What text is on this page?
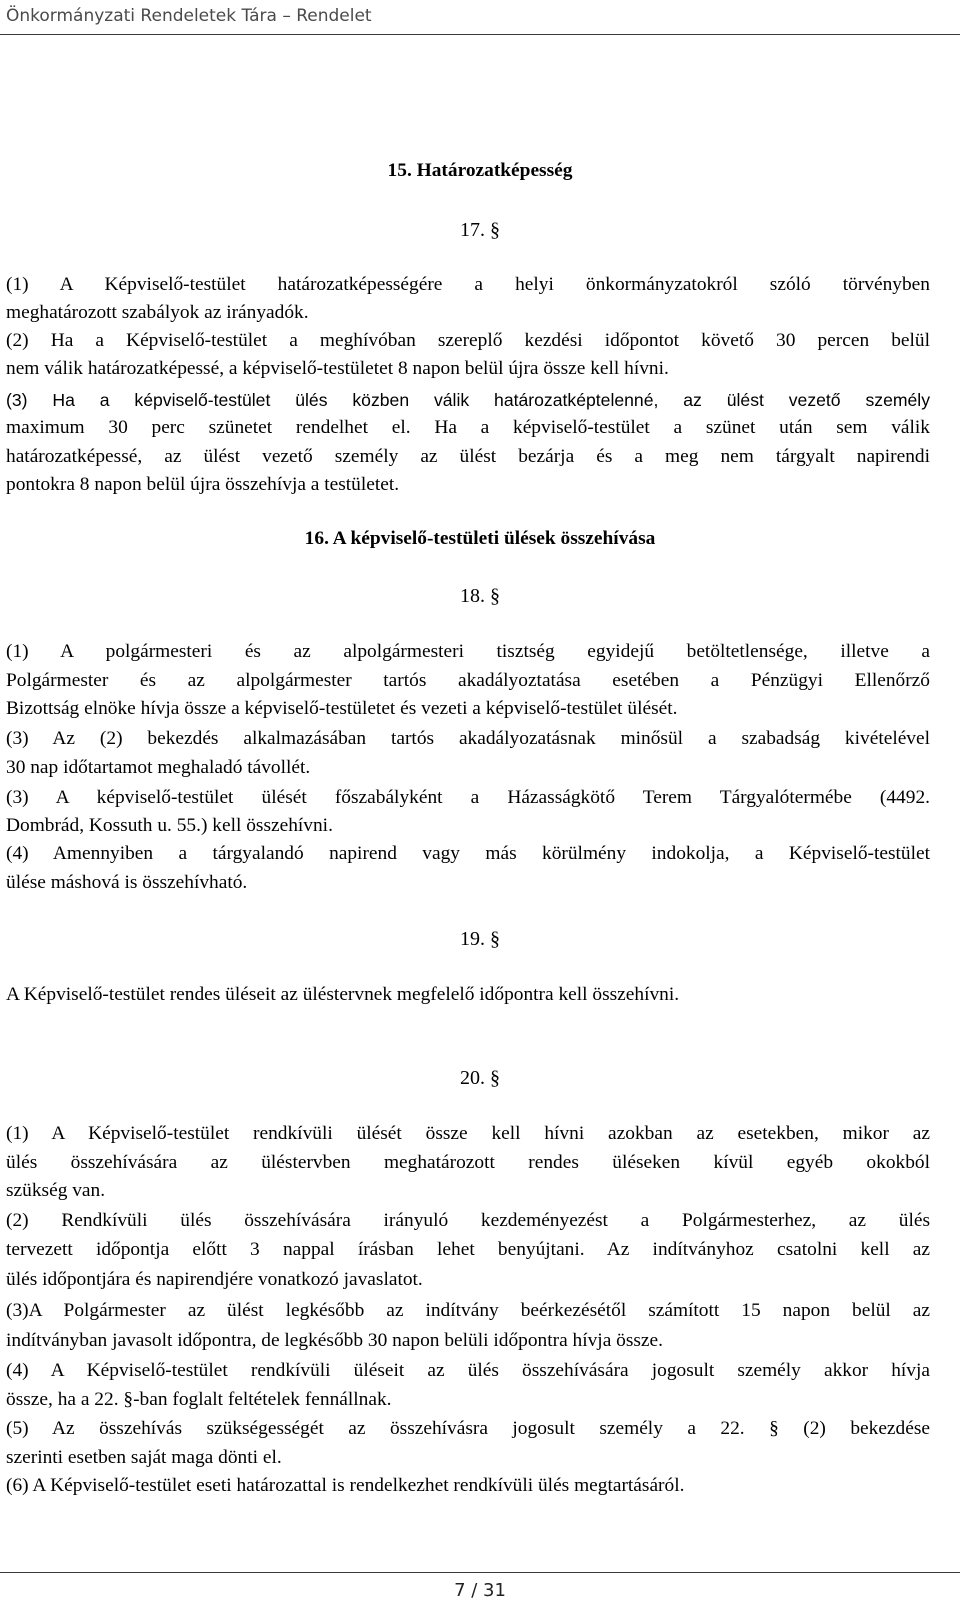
Önkormányzati Rendeletek Tára – Rendelet
15. Határozatképesség
17. §
(1) A Képviselő-testület határozatképességére a helyi önkormányzatokról szóló törvényben
meghatározott szabályok az irányadók.
(2) Ha a Képviselő-testület a meghívóban szereplő kezdési időpontot követő 30 percen belül
nem válik határozatképessé, a képviselő-testületet 8 napon belül újra össze kell hívni.
(3) Ha a képviselő-testület ülés közben válik határozatképtelenné, az ülést vezető személy
maximum 30 perc szünetet rendelhet el. Ha a képviselő-testület a szünet után sem válik
határozatképessé, az ülést vezető személy az ülést bezárja és a meg nem tárgyalt napirendi
pontokra 8 napon belül újra összehívja a testületet.
16. A képviselő-testületi ülések összehívása
18. §
(1) A polgármesteri és az alpolgármesteri tisztség egyidejű betöltetlensége, illetve a
Polgármester és az alpolgármester tartós akadályoztatása esetében a Pénzügyi Ellenőrző
Bizottság elnöke hívja össze a képviselő-testületet és vezeti a képviselő-testület ülését.
(3) Az (2) bekezdés alkalmazásában tartós akadályozatásnak minősül a szabadság kivételével
30 nap időtartamot meghaladó távollét.
(3) A képviselő-testület ülését főszabályként a Házasságkötő Terem Tárgyalótermébe (4492.
Dombrád, Kossuth u. 55.) kell összehívni.
(4) Amennyiben a tárgyalandó napirend vagy más körülmény indokolja, a Képviselő-testület
ülése máshová is összehívható.
19. §
A Képviselő-testület rendes üléseit az üléstervnek megfelelő időpontra kell összehívni.
20. §
(1) A Képviselő-testület rendkívüli ülését össze kell hívni azokban az esetekben, mikor az
ülés összehívására az üléstervben meghatározott rendes üléseken kívül egyéb okokból
szükség van.
(2) Rendkívüli ülés összehívására irányuló kezdeményezést a Polgármesterhez, az ülés
tervezett időpontja előtt 3 nappal írásban lehet benyújtani. Az indítványhoz csatolni kell az
ülés időpontjára és napirendjére vonatkozó javaslatot.
(3)A Polgármester az ülést legkésőbb az indítvány beérkezésétől számított 15 napon belül az
indítványban javasolt időpontra, de legkésőbb 30 napon belüli időpontra hívja össze.
(4) A Képviselő-testület rendkívüli üléseit az ülés összehívására jogosult személy akkor hívja
össze, ha a 22. §-ban foglalt feltételek fennállnak.
(5) Az összehívás szükségességét az összehívásra jogosult személy a 22. § (2) bekezdése
szerinti esetben saját maga dönti el.
(6) A Képviselő-testület eseti határozattal is rendelkezhet rendkívüli ülés megtartásáról.
7 / 31
